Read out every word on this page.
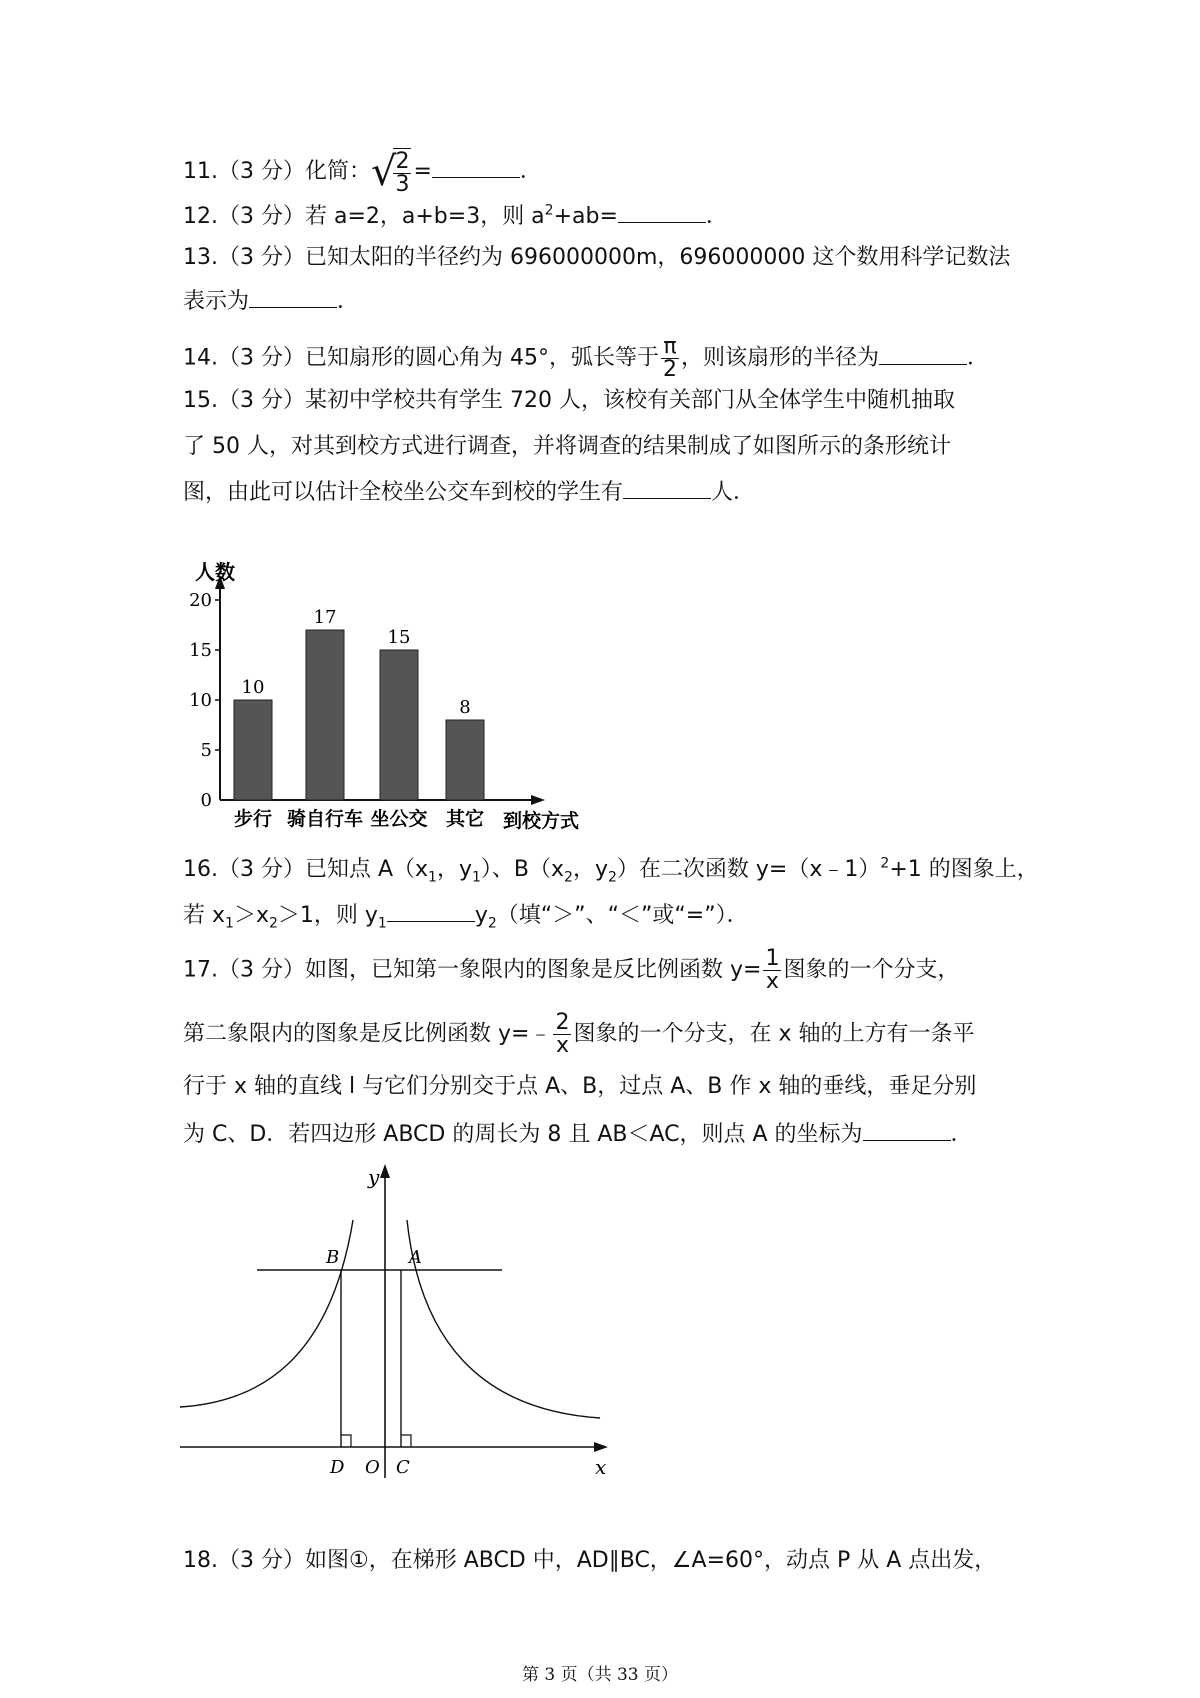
11.（3 分）化简：√
$\frac{2}{3}$ =	．
12.（3 分）若 a=2，a+b=3，则 $a^2+ab=$	．
13.（3 分）已知太阳的半径约为 696000000m，696000000 这个数用科学记数法
表示为	．
14.（3 分）已知扇形的圆心角为 45°，弧长等于 $\frac{\pi}{2}$ ，则该扇形的半径为	．
15.（3 分）某初中学校共有学生 720 人，该校有关部门从全体学生中随机抽取
了 50 人，对其到校方式进行调查，并将调查的结果制成了如图所示的条形统计
图，由此可以估计全校坐公交车到校的学生有	人．
人数
0
5
10
15
20
10
步行
17
骑自行车
15
坐公交
8
其它 到校方式
16.（3 分）已知点 $A(x_1$，$y_1$）、$B(x_2$，$y_2$）在二次函数 y=（x﹣1）$^2$+1 的图象上，
若 $x_1>x_2>1$，则 $y_1$	$y_2$（填“＞”、“＜”或“=”）．
17.（3 分）如图，已知第一象限内的图象是反比例函数 $y= \frac{1}{x}$ 图象的一个分支，
第二象限内的图象是反比例函数 y=﹣ $\frac{2}{x}$ 图象的一个分支，在 x 轴的上方有一条平
行于 x 轴的直线 l 与它们分别交于点 A、B，过点 A、B 作 x 轴的垂线，垂足分别
为 C、D．若四边形 ABCD 的周长为 8 且 AB＜AC，则点 A 的坐标为	．
y
x
B	A
D O C
18.（3 分）如图①，在梯形 ABCD 中，AD∥BC，∠A=60°，动点 P 从 A 点出发，
第 3 页（共 33 页）
